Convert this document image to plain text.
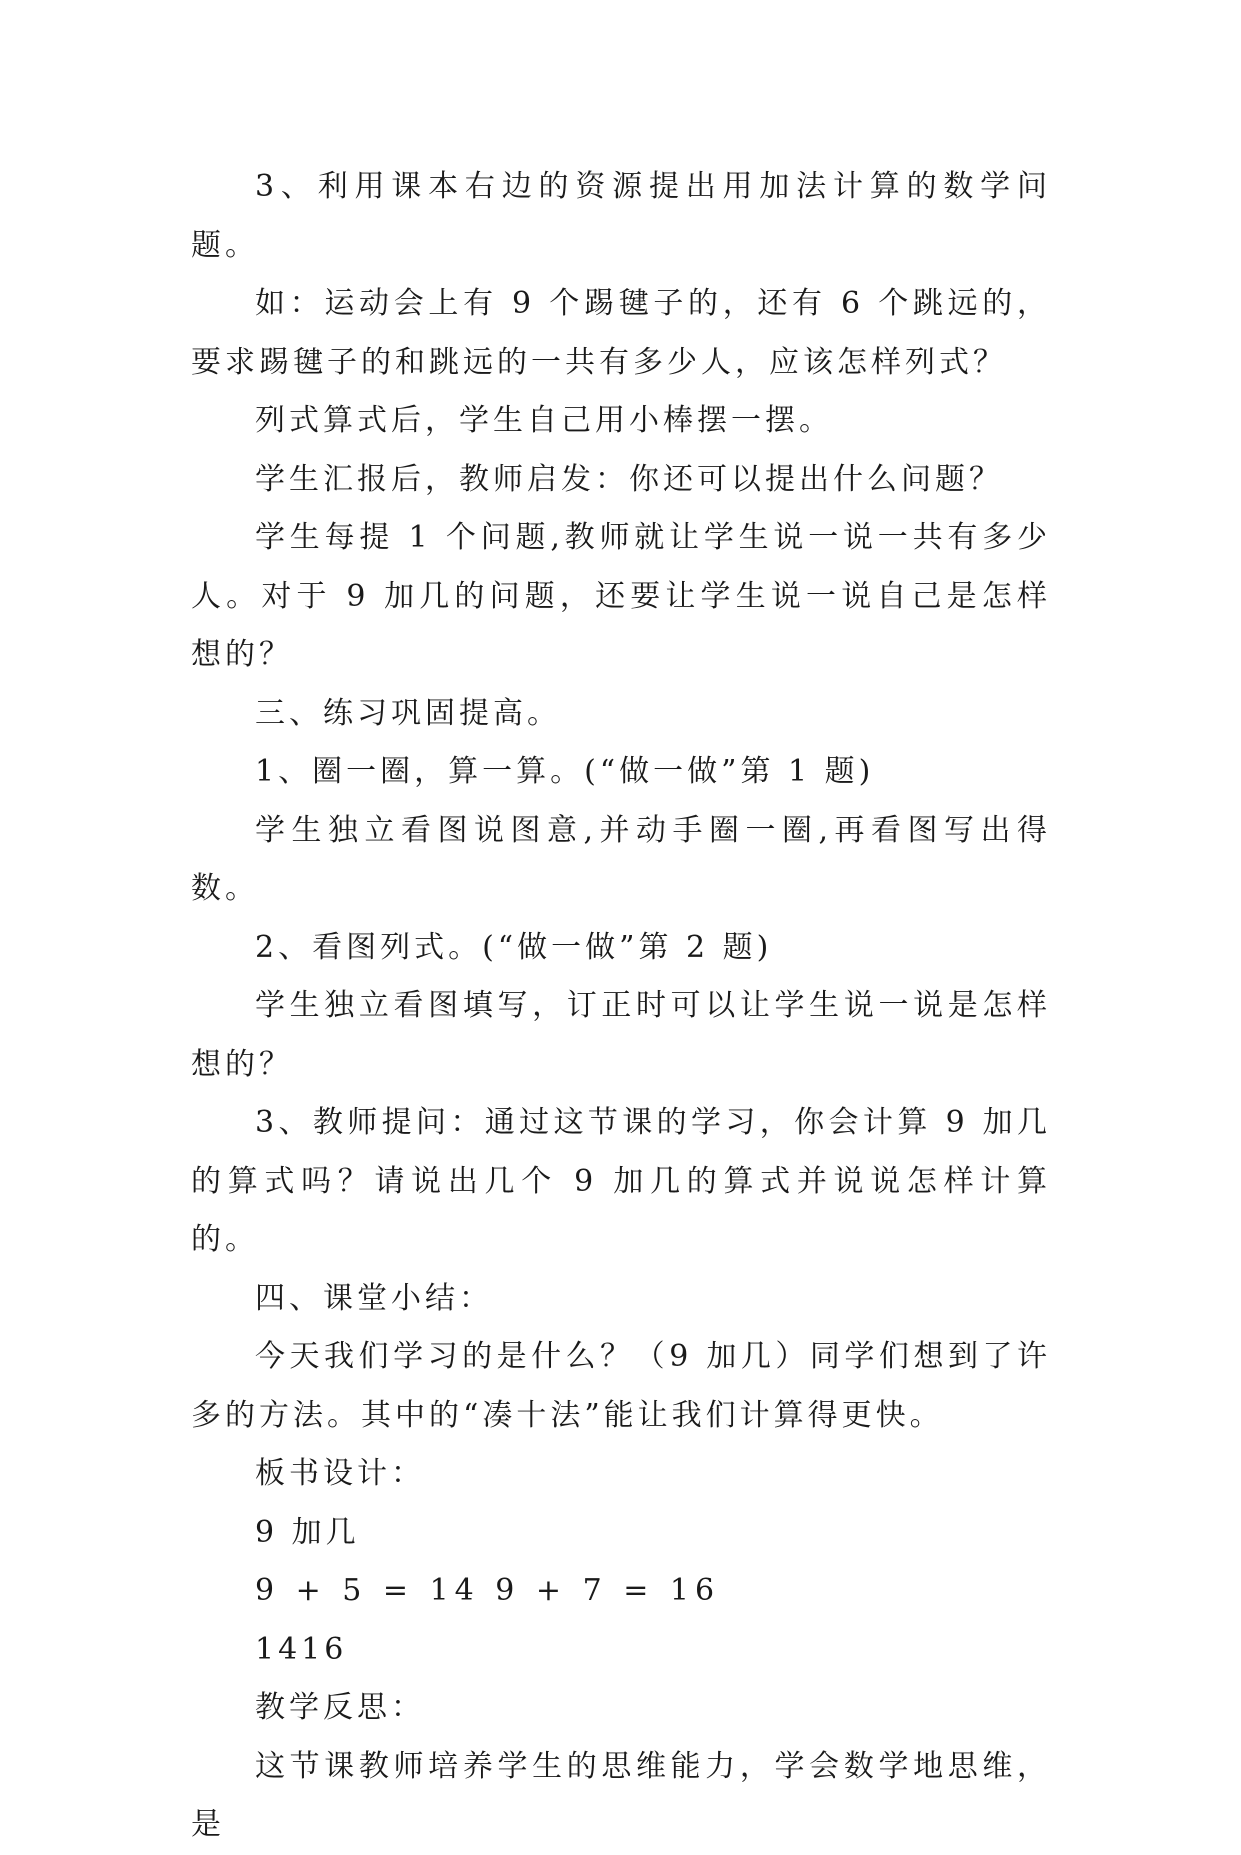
3、利用课本右边的资源提出用加法计算的数学问题。

如：运动会上有 9 个踢毽子的，还有 6 个跳远的，要求踢毽子的和跳远的一共有多少人，应该怎样列式？

列式算式后，学生自己用小棒摆一摆。

学生汇报后，教师启发：你还可以提出什么问题？

学生每提 1 个问题,教师就让学生说一说一共有多少人。对于 9 加几的问题，还要让学生说一说自己是怎样想的？

三、练习巩固提高。

1、圈一圈，算一算。(“做一做”第 1 题)

学生独立看图说图意,并动手圈一圈,再看图写出得数。

2、看图列式。(“做一做”第 2 题)

学生独立看图填写，订正时可以让学生说一说是怎样想的？

3、教师提问：通过这节课的学习，你会计算 9 加几的算式吗？请说出几个 9 加几的算式并说说怎样计算的。

四、课堂小结：

今天我们学习的是什么？（9 加几）同学们想到了许多的方法。其中的“凑十法”能让我们计算得更快。

板书设计：

9 加几

9 + 5 = 14 9 + 7 = 16

1416

教学反思：

这节课教师培养学生的思维能力，学会数学地思维，是
